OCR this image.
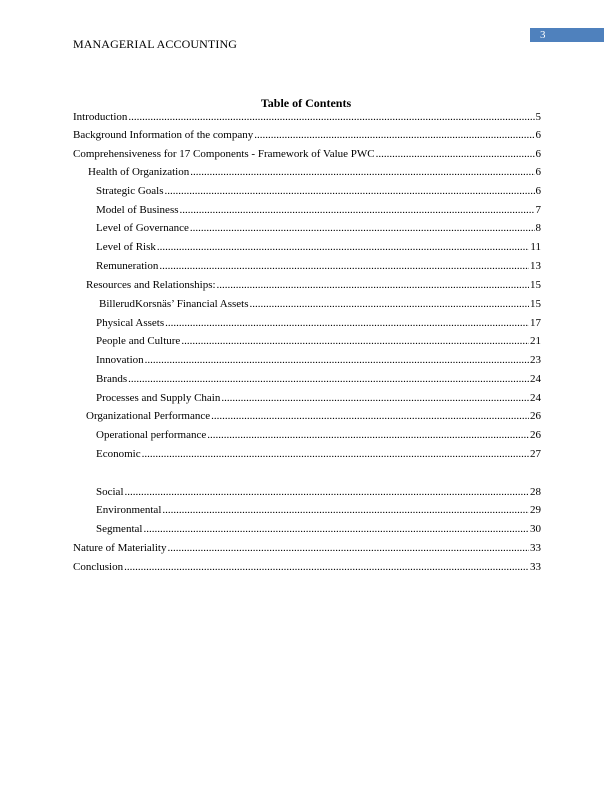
3
MANAGERIAL ACCOUNTING
Table of Contents
Introduction .....	5
Background Information of the company .....	6
Comprehensiveness for 17 Components - Framework of Value PWC .....	6
Health of Organization .....	6
Strategic Goals .....	6
Model of Business .....	7
Level of Governance .....	8
Level of Risk .....	11
Remuneration .....	13
Resources and Relationships: .....	15
BillerudKorsnäs’ Financial Assets .....	15
Physical Assets .....	17
People and Culture .....	21
Innovation .....	23
Brands .....	24
Processes and Supply Chain .....	24
Organizational Performance .....	26
Operational performance .....	26
Economic .....	27
Social .....	28
Environmental .....	29
Segmental .....	30
Nature of Materiality .....	33
Conclusion .....	33
